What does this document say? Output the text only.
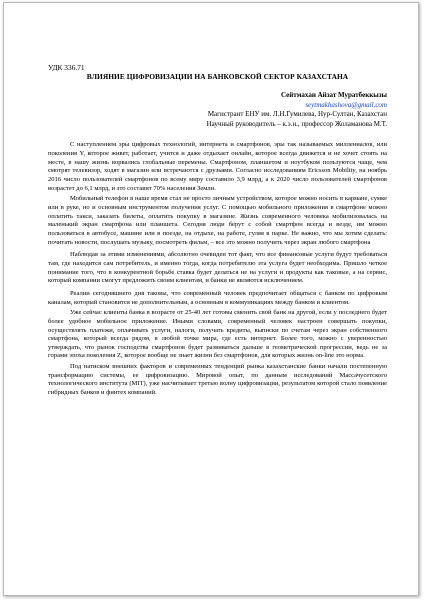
УДК 336.71

ВЛИЯНИЕ ЦИФРОВИЗАЦИИ НА БАНКОВСКОЙ СЕКТОР КАЗАХСТАНА

Сейтмахан Айзат Муратбеккызы
seytmakhashova@gmail.com
Магистрант ЕНУ им. Л.Н.Гумилева, Нур-Султан, Казахстан
Научный руководитель – к.э.н., профессор Жоламанова М.Т.

С наступлением эры цифровых технологий, интернета и смартфонов, эры так называемых миллениалов, или поколения Y, которое живет, работает, учится и даже отдыхает онлайн, которое всегда движется и не хочет стоять на месте, в нашу жизнь ворвались глобальные перемены. Смартфоном, планшетом и ноутбуком пользуются чаще, чем смотрят телевизор, ходят в магазин или встречаются с друзьями. Согласно исследованиям Ericsson Mobility, на ноябрь 2016 число пользователей смартфонов по всему миру составило 3,9 млрд, а к 2020 число пользователей смартфонов возрастет до 6,1 млрд, и это составит 70% населения Земли.

Мобильный телефон в наше время стал не просто личным устройством, которое можно носить в кармане, сумке или в руке, но и основным инструментом получения услуг. С помощью мобильного приложения в смартфоне можно оплатить такси, заказать билеты, оплатить покупку в магазине. Жизнь современного человека мобилизовалась на маленький экран смартфона или планшета. Сегодня люди берут с собой смартфон всегда и везде, им можно пользоваться в автобусе, машине или в поезде, на отдыхе, на работе, гуляя в парке. Не важно, что мы хотим сделать: почитать новости, послушать музыку, посмотреть фильм, – все это можно получить через экран любого смартфона

Наблюдая за этими изменениями, абсолютно очевиден тот факт, что все финансовые услуги будут требоваться там, где находится сам потребитель, и именно тогда, когда потребителю эта услуга будет необходима. Пришло четкое понимание того, что в конкурентной борьбе ставка будет делаться не на услуги и продукты как таковые, а на сервис, который компании смогут предложить своим клиентам, и банки не являются исключением.

Реалии сегодняшнего дня таковы, что современный человек предпочитает общаться с банком по цифровым каналам, который становится не дополнительным, а основным в коммуникациях между банком и клиентом.

Уже сейчас клиенты банка в возрасте от 25-40 лет готовы сменить свой банк на другой, если у последнего будет более удобное мобильное приложение. Иными словами, современный человек настроен совершать покупки, осуществлять платежи, оплачивать услуги, налоги, получать кредиты, выписки по счетам через экран собственного смартфона, который всегда рядом, в любой точке мира, где есть интернет. Более того, можно с уверенностью утверждать, что рынок господства смартфонов будет развиваться дальше в геометрической прогрессии, ведь не за горами эпоха поколения Z, которое вообще не знает жизни без смартфонов, для которых жизнь on-line это норма.

Под натиском внешних факторов и современных тенденций рынка казахстанские банки начали постепенную трансформацию системы, ее цифровизацию. Мировой опыт, по данным исследований Массачусетского технологического института (MIT), уже насчитывает третью волну цифровизации, результатом которой стало появление гибридных банков и финтех компаний.
